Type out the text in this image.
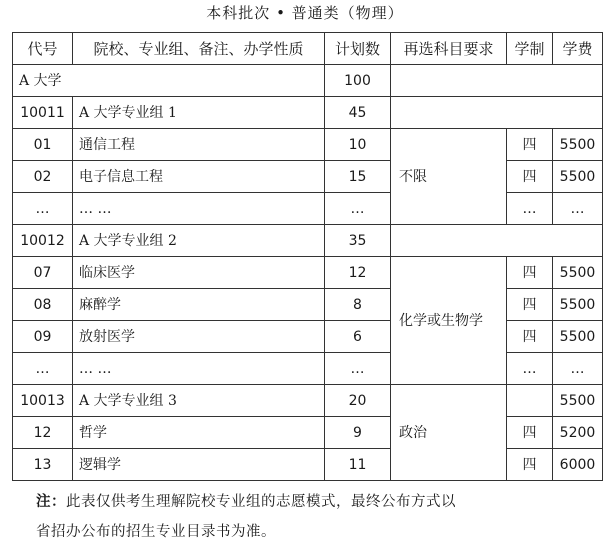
本科批次 • 普通类（物理）
代号	院校、专业组、备注、办学性质	计划数	再选科目要求	学制	学费
A 大学		100			
10011	A 大学专业组 1	45			
01	通信工程	10	不限	四	5500
02	电子信息工程	15		四	5500
…	… …	…		…	…
10012	A 大学专业组 2	35			
07	临床医学	12	化学或生物学	四	5500
08	麻醉学	8		四	5500
09	放射医学	6		四	5500
…	… …	…		…	…
10013	A 大学专业组 3	20	政治		5500
12	哲学	9		四	5200
13	逻辑学	11		四	6000
注：此表仅供考生理解院校专业组的志愿模式，最终公布方式以
省招办公布的招生专业目录书为准。
